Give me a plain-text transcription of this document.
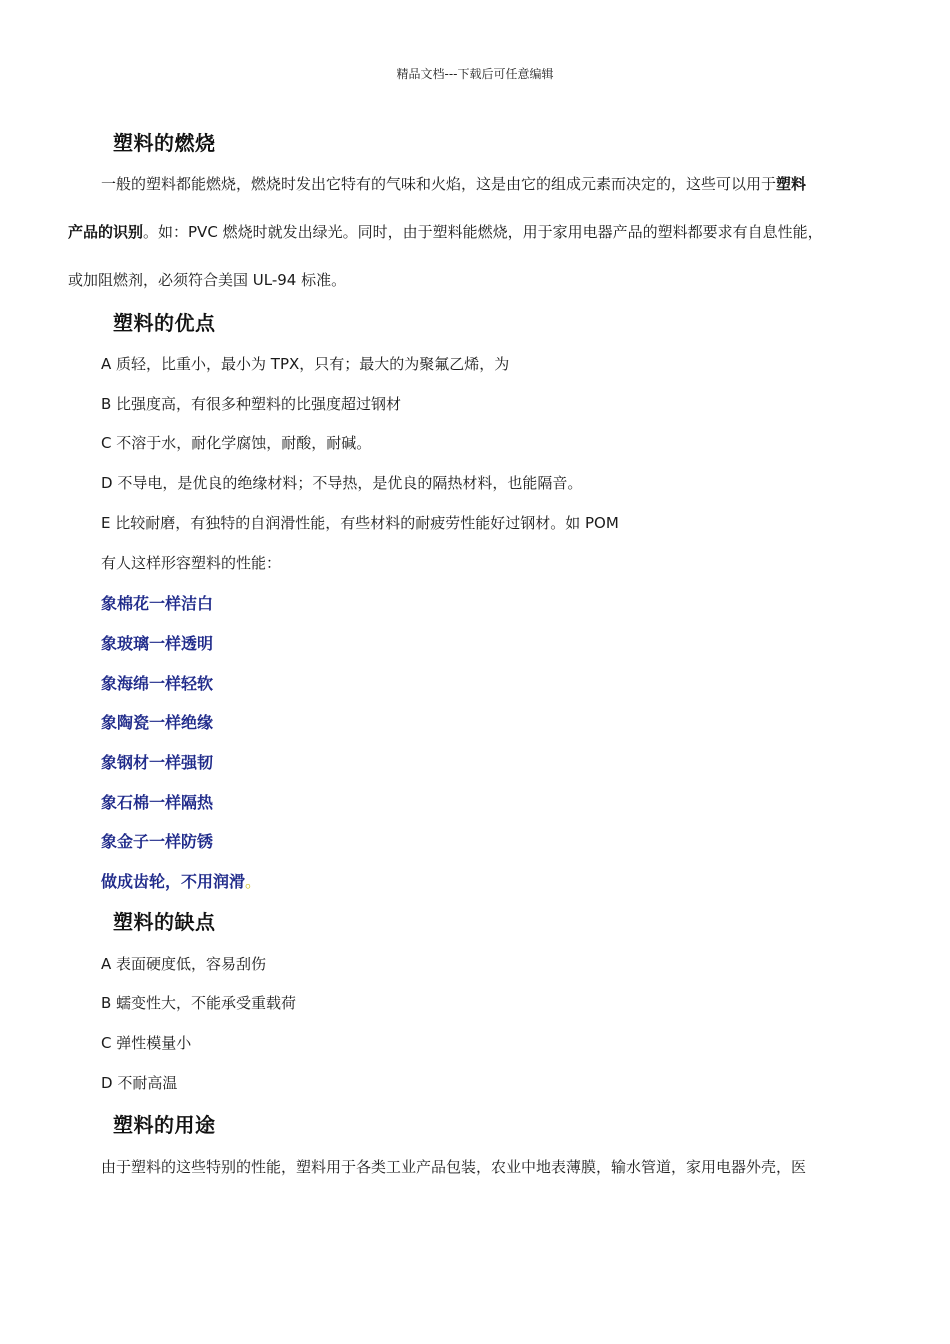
精品文档---下载后可任意编辑
塑料的燃烧
一般的塑料都能燃烧，燃烧时发出它特有的气味和火焰，这是由它的组成元素而决定的，这些可以用于塑料
产品的识别。如：PVC 燃烧时就发出绿光。同时，由于塑料能燃烧，用于家用电器产品的塑料都要求有自息性能，
或加阻燃剂，必须符合美国 UL-94 标准。
塑料的优点
A 质轻，比重小，最小为 TPX，只有；最大的为聚氟乙烯，为
B 比强度高，有很多种塑料的比强度超过钢材
C 不溶于水，耐化学腐蚀，耐酸，耐碱。
D 不导电，是优良的绝缘材料；不导热，是优良的隔热材料，也能隔音。
E 比较耐磨，有独特的自润滑性能，有些材料的耐疲劳性能好过钢材。如 POM
有人这样形容塑料的性能：
象棉花一样洁白
象玻璃一样透明
象海绵一样轻软
象陶瓷一样绝缘
象钢材一样强韧
象石棉一样隔热
象金子一样防锈
做成齿轮，不用润滑。
塑料的缺点
A 表面硬度低，容易刮伤
B 蠕变性大，不能承受重载荷
C 弹性模量小
D 不耐高温
塑料的用途
由于塑料的这些特别的性能，塑料用于各类工业产品包装，农业中地表薄膜，输水管道，家用电器外壳，医
